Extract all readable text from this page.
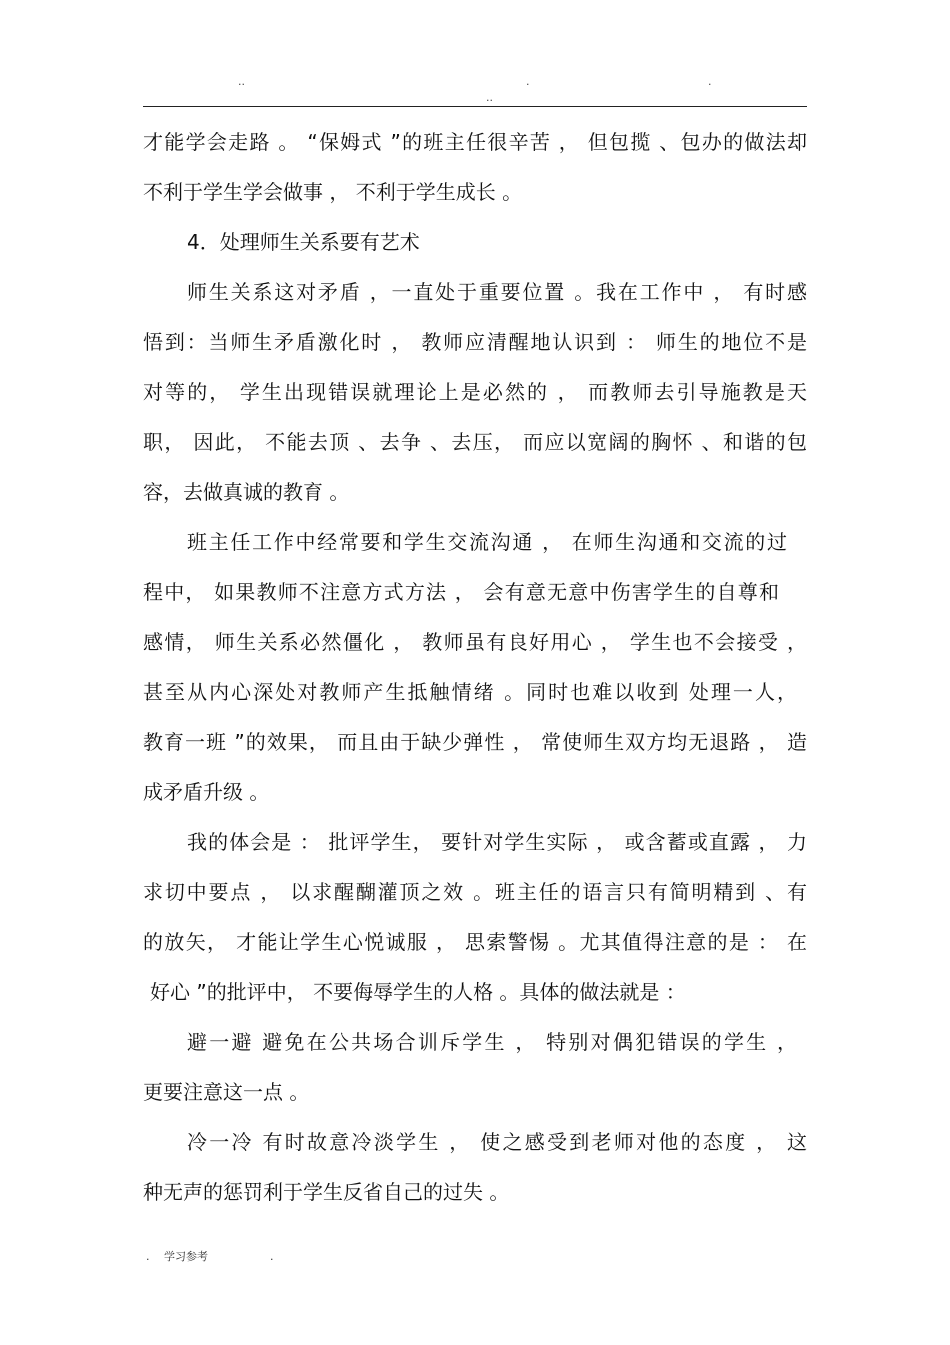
..	.	.
..
才能学会走路 。 “保姆式 ”的班主任很辛苦 ， 但包揽 、包办的做法却
不利于学生学会做事 ， 不利于学生成长 。
4．处理师生关系要有艺术
师生关系这对矛盾 ，一直处于重要位置 。我在工作中 ， 有时感
悟到：当师生矛盾激化时 ， 教师应清醒地认识到 ： 师生的地位不是
对等的， 学生出现错误就理论上是必然的 ， 而教师去引导施教是天
职， 因此， 不能去顶 、去争 、去压， 而应以宽阔的胸怀 、和谐的包
容，去做真诚的教育 。
班主任工作中经常要和学生交流沟通 ， 在师生沟通和交流的过
程中， 如果教师不注意方式方法 ， 会有意无意中伤害学生的自尊和
感情， 师生关系必然僵化 ， 教师虽有良好用心 ， 学生也不会接受 ，
甚至从内心深处对教师产生抵触情绪 。同时也难以收到 处理一人，
教育一班 ”的效果， 而且由于缺少弹性 ， 常使师生双方均无退路 ， 造
成矛盾升级 。
我的体会是 ： 批评学生， 要针对学生实际 ， 或含蓄或直露 ， 力
求切中要点 ， 以求醒醐灌顶之效 。班主任的语言只有简明精到 、有
的放矢， 才能让学生心悦诚服 ， 思索警惕 。尤其值得注意的是 ： 在
好心 ”的批评中， 不要侮辱学生的人格 。具体的做法就是 ：
避一避 避免在公共场合训斥学生 ， 特别对偶犯错误的学生 ，
更要注意这一点 。
冷一冷 有时故意冷淡学生 ， 使之感受到老师对他的态度 ， 这
种无声的惩罚利于学生反省自己的过失 。
. 学习参考	.
